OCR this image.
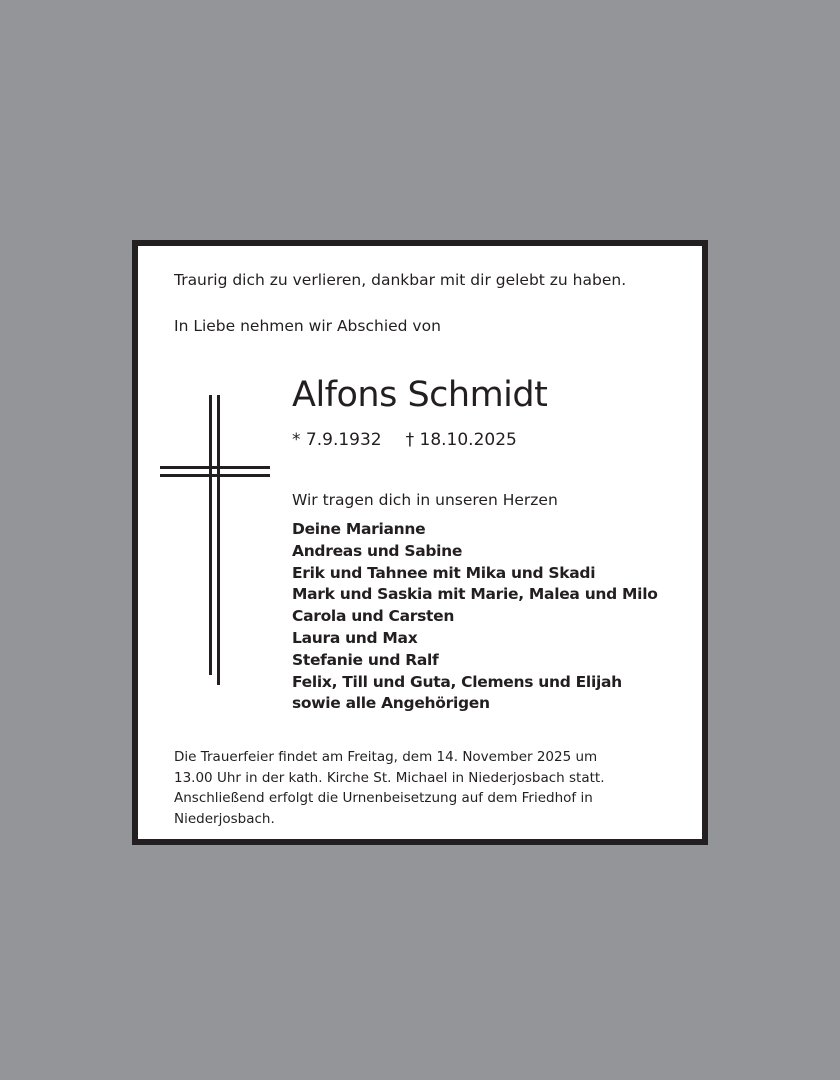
Traurig dich zu verlieren, dankbar mit dir gelebt zu haben.
In Liebe nehmen wir Abschied von
Alfons Schmidt
* 7.9.1932 † 18.10.2025
Wir tragen dich in unseren Herzen
Deine Marianne
Andreas und Sabine
Erik und Tahnee mit Mika und Skadi
Mark und Saskia mit Marie, Malea und Milo
Carola und Carsten
Laura und Max
Stefanie und Ralf
Felix, Till und Guta, Clemens und Elijah
sowie alle Angehörigen
Die Trauerfeier findet am Freitag, dem 14. November 2025 um
13.00 Uhr in der kath. Kirche St. Michael in Niederjosbach statt.
Anschließend erfolgt die Urnenbeisetzung auf dem Friedhof in
Niederjosbach.
